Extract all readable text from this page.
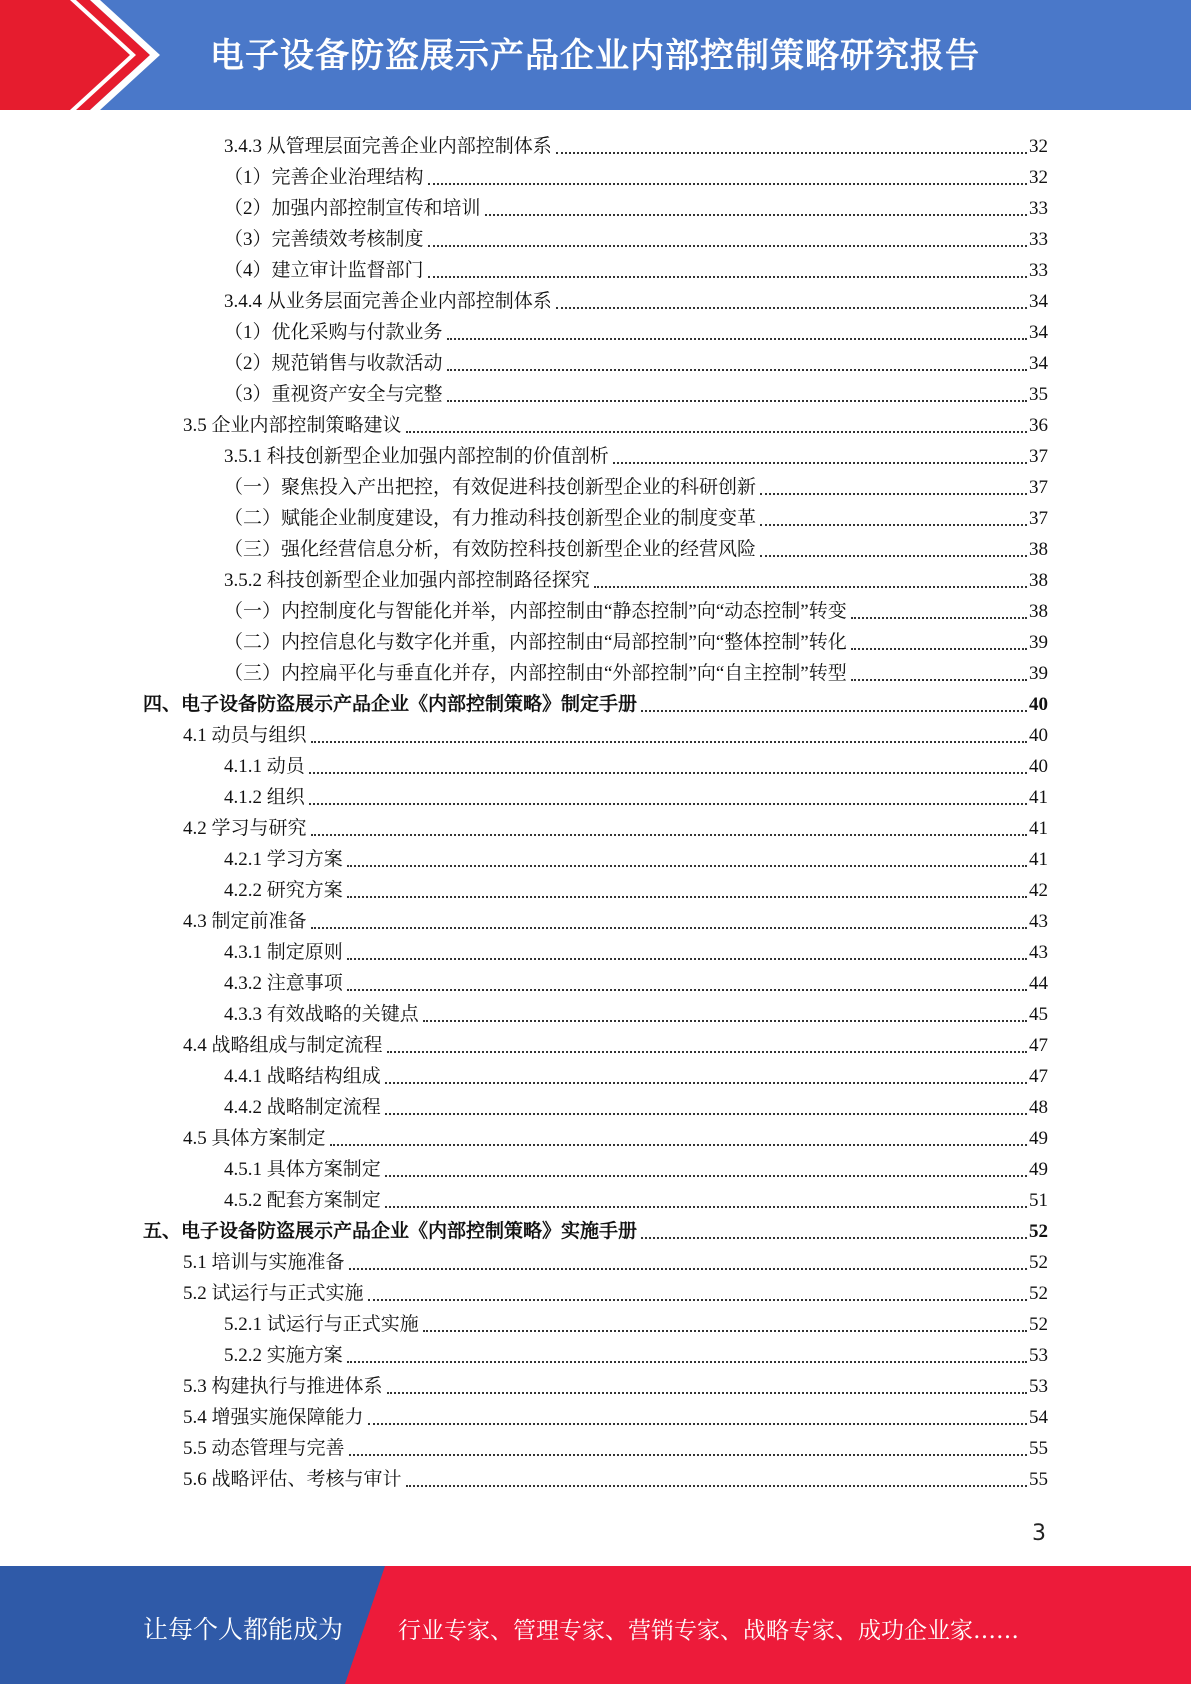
电子设备防盗展示产品企业内部控制策略研究报告
3.4.3 从管理层面完善企业内部控制体系	32
（1）完善企业治理结构	32
（2）加强内部控制宣传和培训	33
（3）完善绩效考核制度	33
（4）建立审计监督部门	33
3.4.4 从业务层面完善企业内部控制体系	34
（1）优化采购与付款业务	34
（2）规范销售与收款活动	34
（3）重视资产安全与完整	35
3.5 企业内部控制策略建议	36
3.5.1 科技创新型企业加强内部控制的价值剖析	37
（一）聚焦投入产出把控，有效促进科技创新型企业的科研创新	37
（二）赋能企业制度建设，有力推动科技创新型企业的制度变革	37
（三）强化经营信息分析，有效防控科技创新型企业的经营风险	38
3.5.2 科技创新型企业加强内部控制路径探究	38
（一）内控制度化与智能化并举，内部控制由“静态控制”向“动态控制”转变	38
（二）内控信息化与数字化并重，内部控制由“局部控制”向“整体控制”转化	39
（三）内控扁平化与垂直化并存，内部控制由“外部控制”向“自主控制”转型	39
四、电子设备防盗展示产品企业《内部控制策略》制定手册	40
4.1 动员与组织	40
4.1.1 动员	40
4.1.2 组织	41
4.2 学习与研究	41
4.2.1 学习方案	41
4.2.2 研究方案	42
4.3 制定前准备	43
4.3.1 制定原则	43
4.3.2 注意事项	44
4.3.3 有效战略的关键点	45
4.4 战略组成与制定流程	47
4.4.1 战略结构组成	47
4.4.2 战略制定流程	48
4.5 具体方案制定	49
4.5.1 具体方案制定	49
4.5.2 配套方案制定	51
五、电子设备防盗展示产品企业《内部控制策略》实施手册	52
5.1 培训与实施准备	52
5.2 试运行与正式实施	52
5.2.1 试运行与正式实施	52
5.2.2 实施方案	53
5.3 构建执行与推进体系	53
5.4 增强实施保障能力	54
5.5 动态管理与完善	55
5.6 战略评估、考核与审计	55
3
让每个人都能成为 行业专家、管理专家、营销专家、战略专家、成功企业家……
